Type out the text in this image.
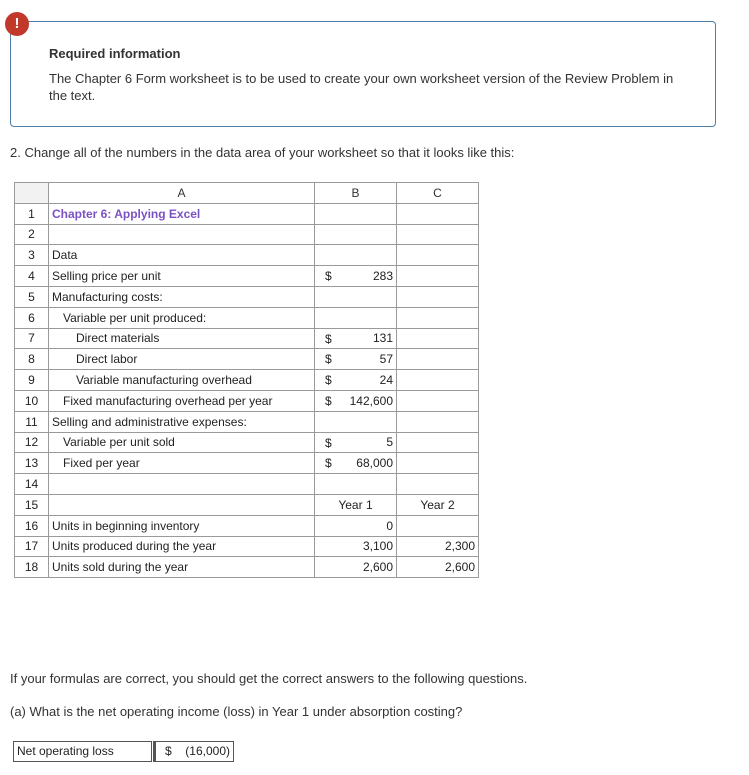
!
Required information
The Chapter 6 Form worksheet is to be used to create your own worksheet version of the Review Problem in the text.
2. Change all of the numbers in the data area of your worksheet so that it looks like this:
	A	B	C
1	Chapter 6: Applying Excel		
2			
3	Data		
4	Selling price per unit	$ 283	

5	Manufacturing costs:		
6	Variable per unit produced:		
7	Direct materials	$ 131	

8	Direct labor	$ 57	

9	Variable manufacturing overhead	$ 24	

10	Fixed manufacturing overhead per year	$ 142,600	

11	Selling and administrative expenses:		
12	Variable per unit sold	$ 5	

13	Fixed per year	$ 68,000	

14			
15		Year 1	Year 2
16	Units in beginning inventory	0	
17	Units produced during the year	3,100	2,300
18	Units sold during the year	2,600	2,600
If your formulas are correct, you should get the correct answers to the following questions.
(a) What is the net operating income (loss) in Year 1 under absorption costing?
Net operating loss	$ (16,000)
